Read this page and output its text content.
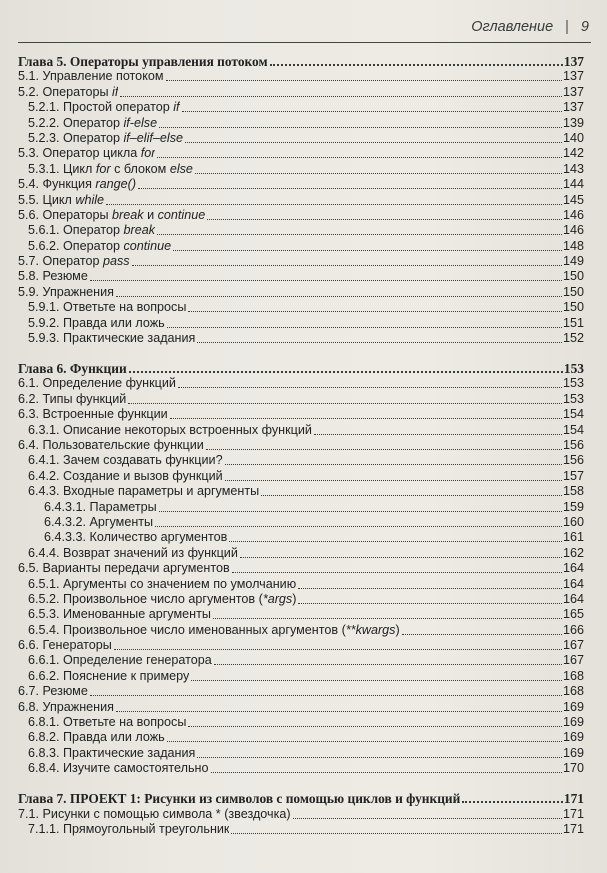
Оглавление | 9
Глава 5. Операторы управления потоком	137
5.1. Управление потоком	137
5.2. Операторы if	137
5.2.1. Простой оператор if	137
5.2.2. Оператор if-else	139
5.2.3. Оператор if–elif–else	140
5.3. Оператор цикла for	142
5.3.1. Цикл for с блоком else	143
5.4. Функция range()	144
5.5. Цикл while	145
5.6. Операторы break и continue	146
5.6.1. Оператор break	146
5.6.2. Оператор continue	148
5.7. Оператор pass	149
5.8. Резюме	150
5.9. Упражнения	150
5.9.1. Ответьте на вопросы	150
5.9.2. Правда или ложь	151
5.9.3. Практические задания	152
Глава 6. Функции	153
6.1. Определение функций	153
6.2. Типы функций	153
6.3. Встроенные функции	154
6.3.1. Описание некоторых встроенных функций	154
6.4. Пользовательские функции	156
6.4.1. Зачем создавать функции?	156
6.4.2. Создание и вызов функций	157
6.4.3. Входные параметры и аргументы	158
6.4.3.1. Параметры	159
6.4.3.2. Аргументы	160
6.4.3.3. Количество аргументов	161
6.4.4. Возврат значений из функций	162
6.5. Варианты передачи аргументов	164
6.5.1. Аргументы со значением по умолчанию	164
6.5.2. Произвольное число аргументов (*args)	164
6.5.3. Именованные аргументы	165
6.5.4. Произвольное число именованных аргументов (**kwargs)	166
6.6. Генераторы	167
6.6.1. Определение генератора	167
6.6.2. Пояснение к примеру	168
6.7. Резюме	168
6.8. Упражнения	169
6.8.1. Ответьте на вопросы	169
6.8.2. Правда или ложь	169
6.8.3. Практические задания	169
6.8.4. Изучите самостоятельно	170
Глава 7. ПРОЕКТ 1: Рисунки из символов с помощью циклов и функций	171
7.1. Рисунки с помощью символа * (звездочка)	171
7.1.1. Прямоугольный треугольник	171
